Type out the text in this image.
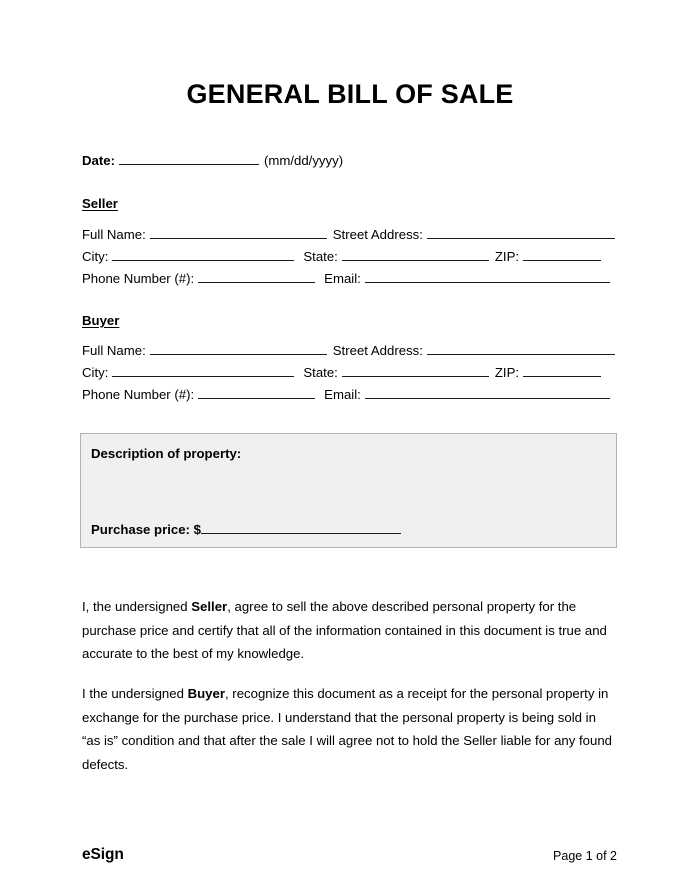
GENERAL BILL OF SALE
Date:	(mm/dd/yyyy)
Seller
Full Name:	Street Address:
City:	State:	ZIP:
Phone Number (#):	Email:
Buyer
Full Name:	Street Address:
City:	State:	ZIP:
Phone Number (#):	Email:
Description of property:
Purchase price: $
I, the undersigned Seller, agree to sell the above described personal property for the purchase price and certify that all of the information contained in this document is true and accurate to the best of my knowledge.
I the undersigned Buyer, recognize this document as a receipt for the personal property in exchange for the purchase price. I understand that the personal property is being sold in “as is” condition and that after the sale I will agree not to hold the Seller liable for any found defects.
eSign	Page 1 of 2
